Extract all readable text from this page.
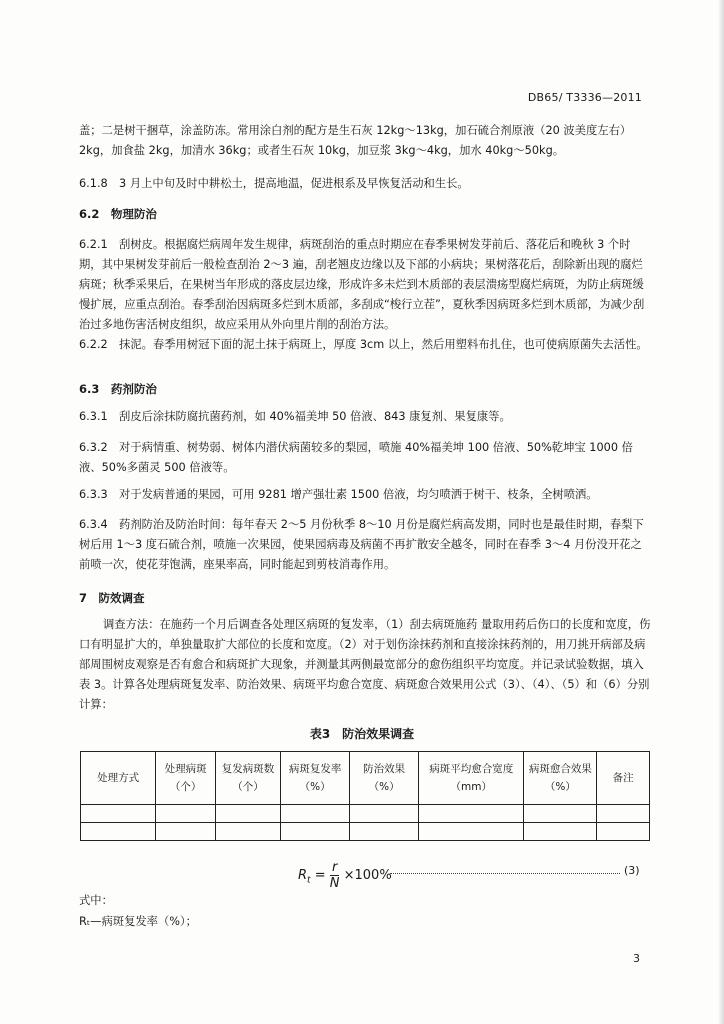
DB65/ T3336—2011

盖；二是树干捆草，涂盖防冻。常用涂白剂的配方是生石灰 12kg～13kg，加石硫合剂原液（20 波美度左右）2kg，加食盐 2kg，加清水 36kg；或者生石灰 10kg，加豆浆 3kg～4kg，加水 40kg～50kg。

6.1.8　3 月上中旬及时中耕松土，提高地温，促进根系及早恢复活动和生长。

6.2　物理防治

6.2.1　刮树皮。根据腐烂病周年发生规律，病斑刮治的重点时期应在春季果树发芽前后、落花后和晚秋 3 个时期，其中果树发芽前后一般检查刮治 2～3 遍，刮老翘皮边缘以及下部的小病块；果树落花后，刮除新出现的腐烂病斑；秋季采果后，在果树当年形成的落皮层边缘，形成许多未烂到木质部的表层溃疡型腐烂病斑，为防止病斑缓慢扩展，应重点刮治。春季刮治因病斑多烂到木质部，多刮成“梭行立茬”，夏秋季因病斑多烂到木质部，为减少刮治过多地伤害活树皮组织，故应采用从外向里片削的刮治方法。

6.2.2　抹泥。春季用树冠下面的泥土抹于病斑上，厚度 3cm 以上，然后用塑料布扎住，也可使病原菌失去活性。

6.3　药剂防治

6.3.1　刮皮后涂抹防腐抗菌药剂，如 40%福美坤 50 倍液、843 康复剂、果复康等。

6.3.2　对于病情重、树势弱、树体内潜伏病菌较多的梨园，喷施 40%福美坤 100 倍液、50%乾坤宝 1000 倍液、50%多菌灵 500 倍液等。

6.3.3　对于发病普通的果园，可用 9281 增产强壮素 1500 倍液，均匀喷洒于树干、枝条，全树喷洒。

6.3.4　药剂防治及防治时间：每年春天 2～5 月份秋季 8～10 月份是腐烂病高发期，同时也是最佳时期，春梨下树后用 1～3 度石硫合剂，喷施一次果园，使果园病毒及病菌不再扩散安全越冬，同时在春季 3～4 月份没开花之前喷一次，使花芽饱满，座果率高，同时能起到剪枝消毒作用。

7　防效调查

调查方法：在施药一个月后调查各处理区病斑的复发率，（1）刮去病斑施药 量取用药后伤口的长度和宽度，伤口有明显扩大的，单独量取扩大部位的长度和宽度。（2）对于划伤涂抹药剂和直接涂抹药剂的，用刀挑开病部及病部周围树皮观察是否有愈合和病斑扩大现象，并测量其两侧最宽部分的愈伤组织平均宽度。并记录试验数据，填入表 3。计算各处理病斑复发率、防治效果、病斑平均愈合宽度、病斑愈合效果用公式（3）、（4）、（5）和（6）分别计算：

表3　防治效果调查
处理方式	处理病斑（个）	复发病斑数（个）	病斑复发率（%）	防治效果（%）	病斑平均愈合宽度（mm）	病斑愈合效果（%）	备注

$R_t = \frac{r}{N} \times 100\%$	(3)

式中：

Rₜ—病斑复发率（%）；

3
